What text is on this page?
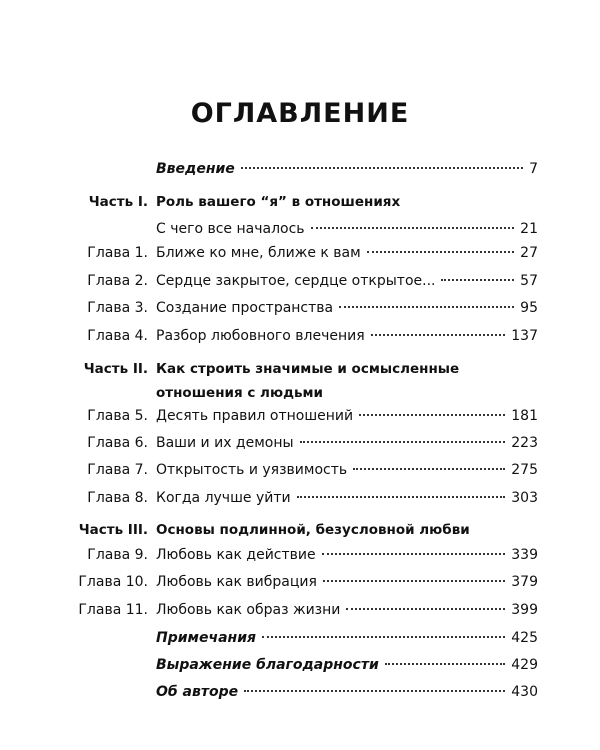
ОГЛАВЛЕНИЕ
Введение	7
Часть I. Роль вашего “я” в отношениях
С чего все началось	21
Глава 1. Ближе ко мне, ближе к вам	27
Глава 2. Сердце закрытое, сердце открытое...	57
Глава 3. Создание пространства	95
Глава 4. Разбор любовного влечения	137
Часть II. Как строить значимые и осмысленные
отношения с людьми
Глава 5. Десять правил отношений	181
Глава 6. Ваши и их демоны	223
Глава 7. Открытость и уязвимость	275
Глава 8. Когда лучше уйти	303
Часть III. Основы подлинной, безусловной любви
Глава 9. Любовь как действие	339
Глава 10. Любовь как вибрация	379
Глава 11. Любовь как образ жизни	399
Примечания	425
Выражение благодарности	429
Об авторе	430
